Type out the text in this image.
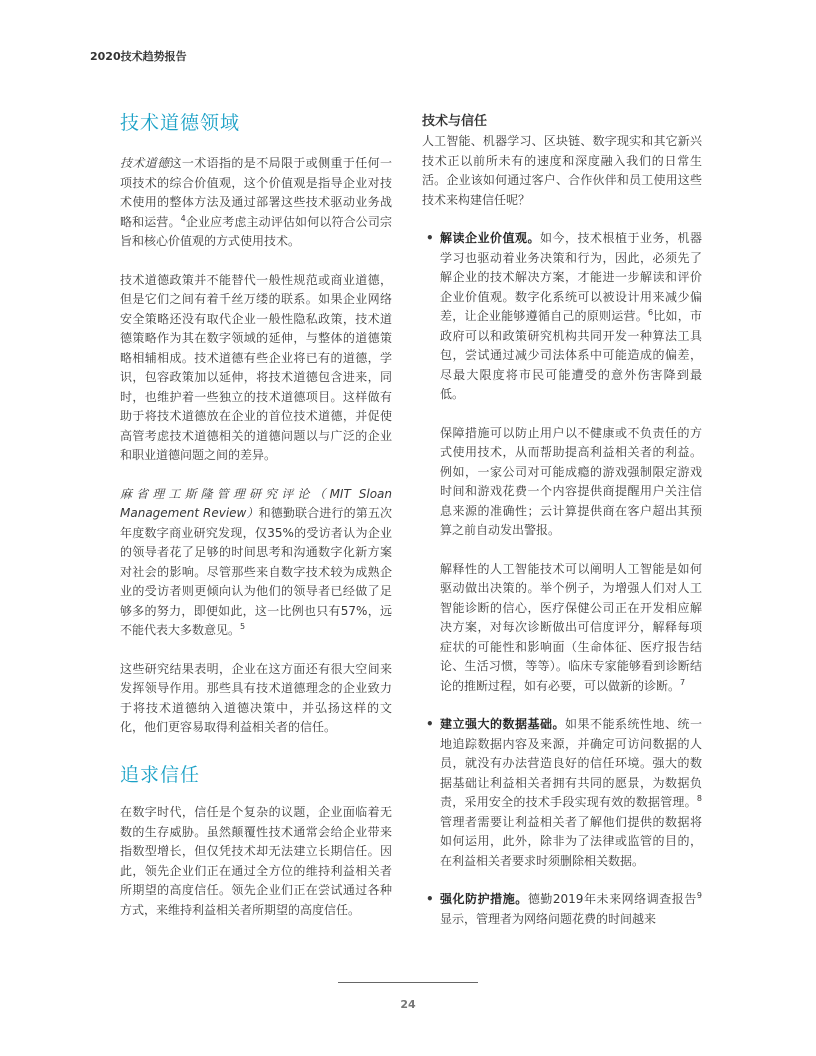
2020技术趋势报告
技术道德领域

技术道德这一术语指的是不局限于或侧重于任何一项技术的综合价值观，这个价值观是指导企业对技术使用的整体方法及通过部署这些技术驱动业务战略和运营。$^4$企业应考虑主动评估如何以符合公司宗旨和核心价值观的方式使用技术。

技术道德政策并不能替代一般性规范或商业道德，但是它们之间有着千丝万缕的联系。如果企业网络安全策略还没有取代企业一般性隐私政策，技术道德策略作为其在数字领域的延伸，与整体的道德策略相辅相成。技术道德有些企业将已有的道德，学识，包容政策加以延伸，将技术道德包含进来，同时，也维护着一些独立的技术道德项目。这样做有助于将技术道德放在企业的首位技术道德，并促使高管考虑技术道德相关的道德问题以与广泛的企业和职业道德问题之间的差异。

麻省理工斯隆管理研究评论（MIT Sloan Management Review）和德勤联合进行的第五次年度数字商业研究发现，仅35%的受访者认为企业的领导者花了足够的时间思考和沟通数字化新方案对社会的影响。尽管那些来自数字技术较为成熟企业的受访者则更倾向认为他们的领导者已经做了足够多的努力，即便如此，这一比例也只有57%，远不能代表大多数意见。$^5$

这些研究结果表明，企业在这方面还有很大空间来发挥领导作用。那些具有技术道德理念的企业致力于将技术道德纳入道德决策中，并弘扬这样的文化，他们更容易取得利益相关者的信任。

追求信任

在数字时代，信任是个复杂的议题，企业面临着无数的生存威胁。虽然颠覆性技术通常会给企业带来指数型增长，但仅凭技术却无法建立长期信任。因此，领先企业们正在通过全方位的维持利益相关者所期望的高度信任。领先企业们正在尝试通过各种方式，来维持利益相关者所期望的高度信任。

技术与信任

人工智能、机器学习、区块链、数字现实和其它新兴技术正以前所未有的速度和深度融入我们的日常生活。企业该如何通过客户、合作伙伴和员工使用这些技术来构建信任呢？

• 解读企业价值观。如今，技术根植于业务，机器学习也驱动着业务决策和行为，因此，必须先了解企业的技术解决方案，才能进一步解读和评价企业价值观。数字化系统可以被设计用来减少偏差，让企业能够遵循自己的原则运营。$^6$比如，市政府可以和政策研究机构共同开发一种算法工具包，尝试通过减少司法体系中可能造成的偏差，尽最大限度将市民可能遭受的意外伤害降到最低。

保障措施可以防止用户以不健康或不负责任的方式使用技术，从而帮助提高利益相关者的利益。例如，一家公司对可能成瘾的游戏强制限定游戏时间和游戏花费一个内容提供商提醒用户关注信息来源的准确性；云计算提供商在客户超出其预算之前自动发出警报。

解释性的人工智能技术可以阐明人工智能是如何驱动做出决策的。举个例子，为增强人们对人工智能诊断的信心，医疗保健公司正在开发相应解决方案，对每次诊断做出可信度评分，解释每项症状的可能性和影响面（生命体征、医疗报告结论、生活习惯，等等）。临床专家能够看到诊断结论的推断过程，如有必要，可以做新的诊断。$^7$

• 建立强大的数据基础。如果不能系统性地、统一地追踪数据内容及来源，并确定可访问数据的人员，就没有办法营造良好的信任环境。强大的数据基础让利益相关者拥有共同的愿景，为数据负责，采用安全的技术手段实现有效的数据管理。$^8$管理者需要让利益相关者了解他们提供的数据将如何运用，此外，除非为了法律或监管的目的，在利益相关者要求时须删除相关数据。
• 强化防护措施。德勤2019年未来网络调查报告$^9$显示，管理者为网络问题花费的时间越来
24
